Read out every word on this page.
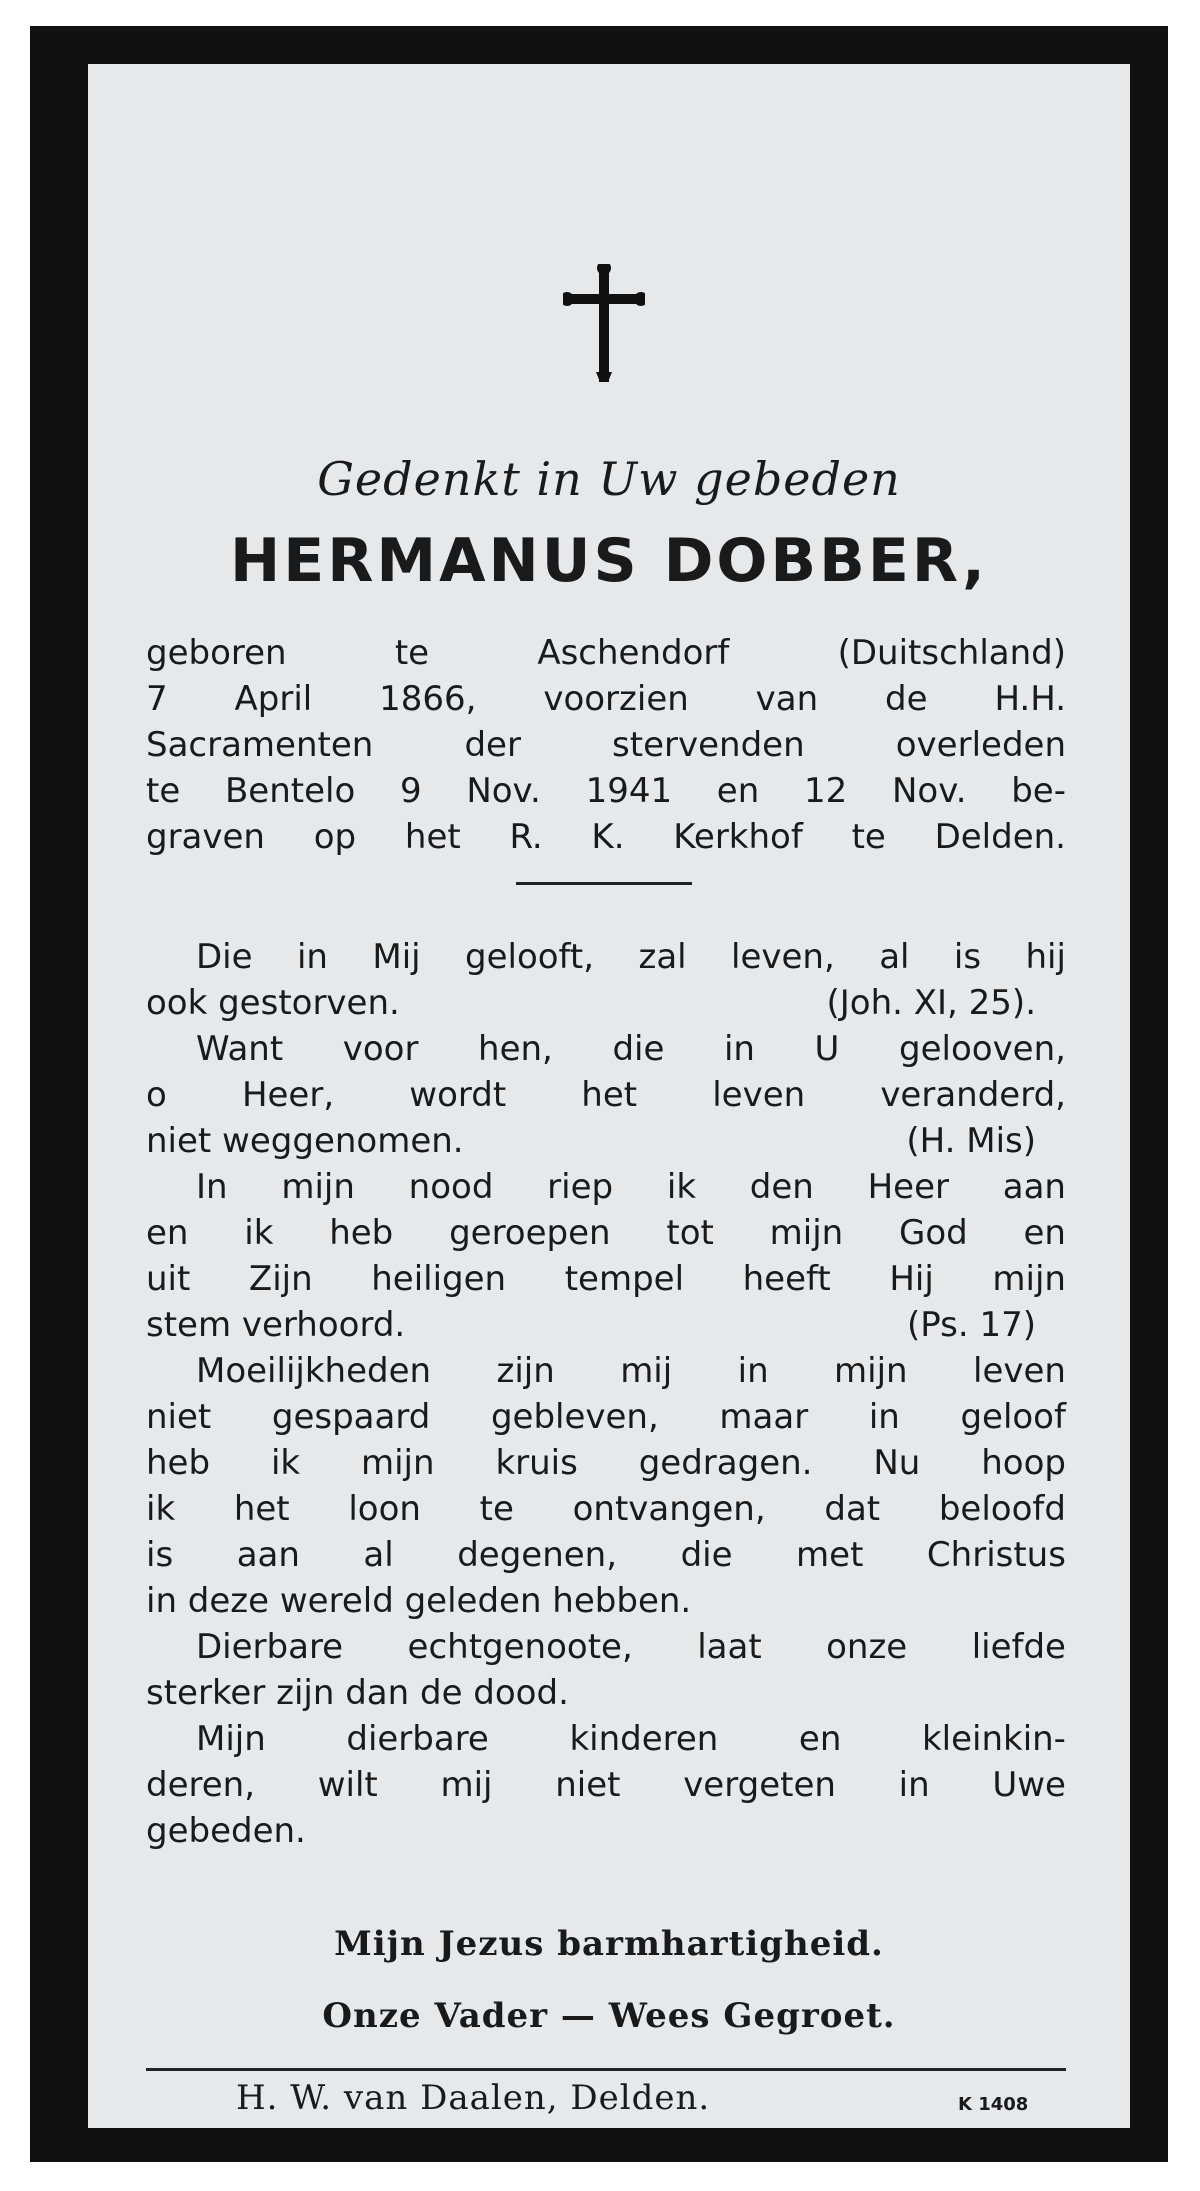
Gedenkt in Uw gebeden
HERMANUS DOBBER,
geboren te Aschendorf (Duitschland)
7 April 1866, voorzien van de H.H.
Sacramenten der stervenden overleden
te Bentelo 9 Nov. 1941 en 12 Nov. be-
graven op het R. K. Kerkhof te Delden.
Die in Mij gelooft, zal leven, al is hij
ook gestorven.	(Joh. XI, 25).
Want voor hen, die in U gelooven,
o Heer, wordt het leven veranderd,
niet weggenomen.	(H. Mis)
In mijn nood riep ik den Heer aan
en ik heb geroepen tot mijn God en
uit Zijn heiligen tempel heeft Hij mijn
stem verhoord.	(Ps. 17)
Moeilijkheden zijn mij in mijn leven
niet gespaard gebleven, maar in geloof
heb ik mijn kruis gedragen. Nu hoop
ik het loon te ontvangen, dat beloofd
is aan al degenen, die met Christus
in deze wereld geleden hebben.
Dierbare echtgenoote, laat onze liefde
sterker zijn dan de dood.
Mijn dierbare kinderen en kleinkin-
deren, wilt mij niet vergeten in Uwe
gebeden.
Mijn Jezus barmhartigheid.
Onze Vader — Wees Gegroet.
H. W. van Daalen, Delden.	K 1408
